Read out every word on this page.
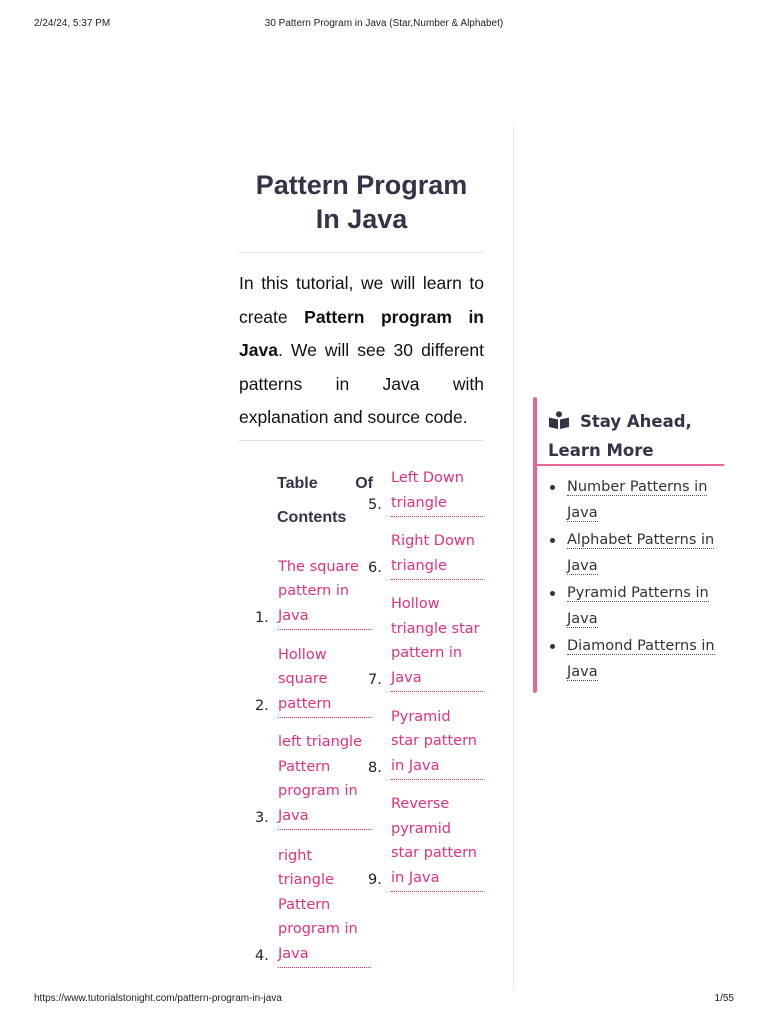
2/24/24, 5:37 PM	30 Pattern Program in Java (Star,Number & Alphabet)
Pattern Program
In Java

In this tutorial, we will learn to create Pattern program in Java. We will see 30 different patterns in Java with explanation and source code.

Table Of
Contents
1.
The square pattern in Java
2.
Hollow square pattern
3.
left triangle Pattern program in Java
4.
right triangle Pattern program in Java
5.
Left Down triangle
6.
Right Down triangle
7.
Hollow triangle star pattern in Java
8.
Pyramid star pattern in Java
9.
Reverse pyramid star pattern in Java
Stay Ahead, Learn More
Number Patterns in Java
Alphabet Patterns in Java
Pyramid Patterns in Java
Diamond Patterns in Java
https://www.tutorialstonight.com/pattern-program-in-java	1/55
